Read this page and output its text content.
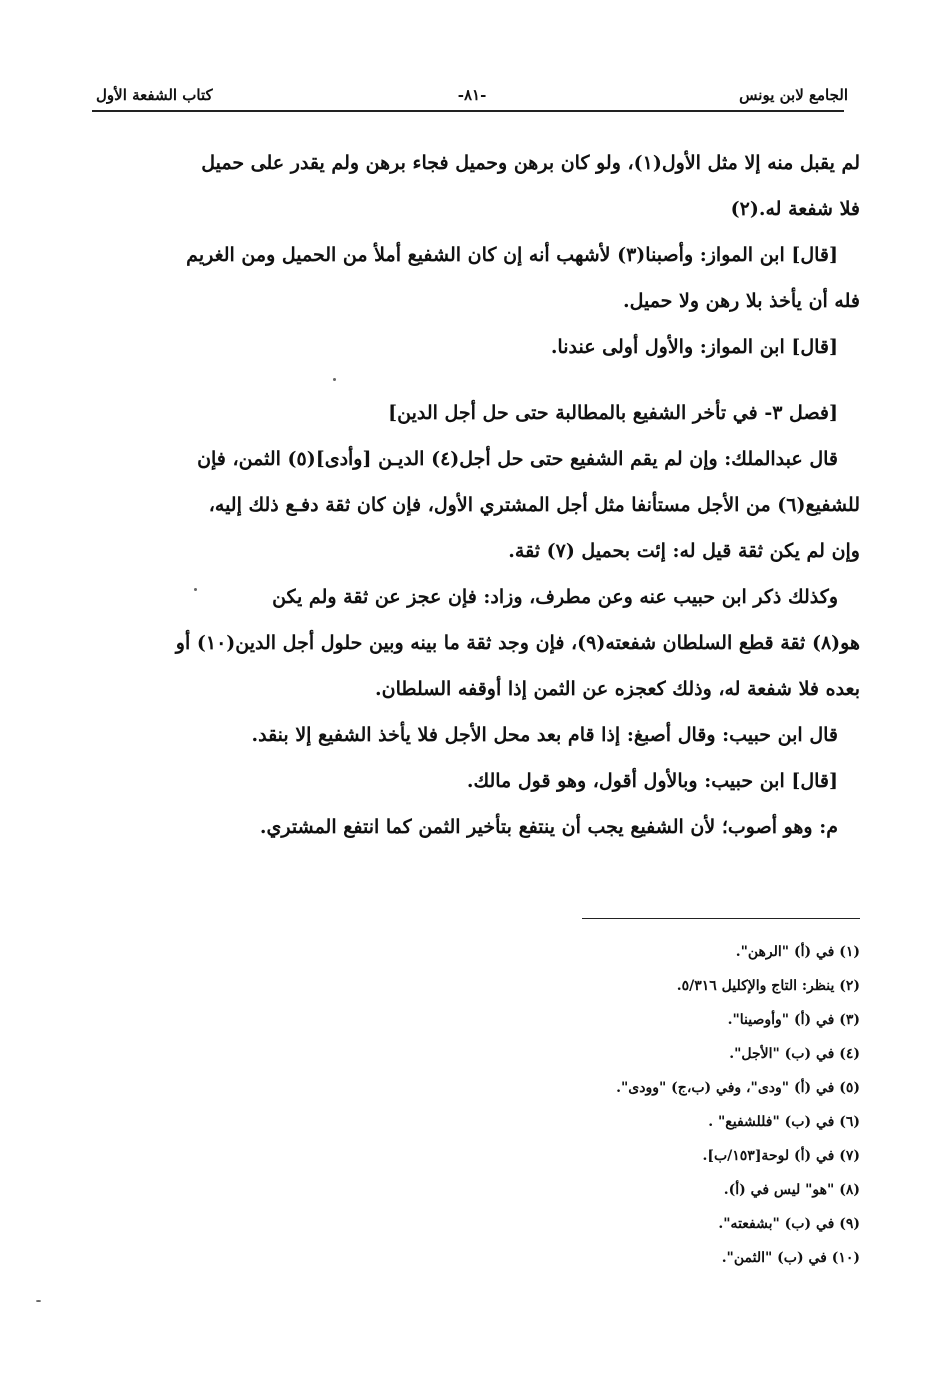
الجامع لابن يونس
-٨١-
كتاب الشفعة الأول
لم يقبل منه إلا مثل الأول(١)، ولو كان برهن وحميل فجاء برهن ولم يقدر على حميل
فلا شفعة له.(٢)
[قال] ابن المواز: وأصبنا(٣) لأشهب أنه إن كان الشفيع أملأ من الحميل ومن الغريم
فله أن يأخذ بلا رهن ولا حميل.
[قال] ابن المواز: والأول أولى عندنا.
[فصل ٣- في تأخر الشفيع بالمطالبة حتى حل أجل الدين]
قال عبدالملك: وإن لم يقم الشفيع حتى حل أجل(٤) الديـن [وأدى](٥) الثمن، فإن
للشفيع(٦) من الأجل مستأنفا مثل أجل المشتري الأول، فإن كان ثقة دفـع ذلك إليه،
وإن لم يكن ثقة قيل له: إئت بحميل (٧) ثقة.
وكذلك ذكر ابن حبيب عنه وعن مطرف، وزاد: فإن عجز عن ثقة ولم يكن
هو(٨) ثقة قطع السلطان شفعته(٩)، فإن وجد ثقة ما بينه وبين حلول أجل الدين(١٠) أو
بعده فلا شفعة له، وذلك كعجزه عن الثمن إذا أوقفه السلطان.
قال ابن حبيب: وقال أصبغ: إذا قام بعد محل الأجل فلا يأخذ الشفيع إلا بنقد.
[قال] ابن حبيب: وبالأول أقول، وهو قول مالك.
م: وهو أصوب؛ لأن الشفيع يجب أن ينتفع بتأخير الثمن كما انتفع المشتري.
(١) في (أ) "الرهن".
(٢) ينظر: التاج والإكليل ٥/٣١٦.
(٣) في (أ) "وأوصينا".
(٤) في (ب) "الأجل".
(٥) في (أ) "ودى"، وفي (ب،ج) "وودى".
(٦) في (ب) "فللشفيع" .
(٧) في (أ) لوحة[١٥٣/ب].
(٨) "هو" ليس في (أ).
(٩) في (ب) "بشفعته".
(١٠) في (ب) "الثمن".
